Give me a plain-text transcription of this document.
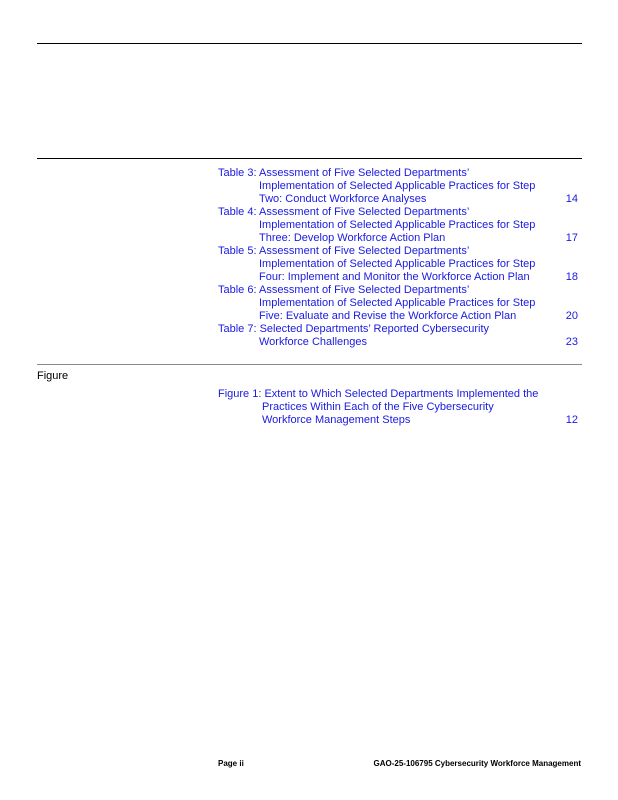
Table 3: Assessment of Five Selected Departments’
Implementation of Selected Applicable Practices for Step
Two: Conduct Workforce Analyses	14
Table 4: Assessment of Five Selected Departments’
Implementation of Selected Applicable Practices for Step
Three: Develop Workforce Action Plan	17
Table 5: Assessment of Five Selected Departments’
Implementation of Selected Applicable Practices for Step
Four: Implement and Monitor the Workforce Action Plan	18
Table 6: Assessment of Five Selected Departments’
Implementation of Selected Applicable Practices for Step
Five: Evaluate and Revise the Workforce Action Plan	20
Table 7: Selected Departments’ Reported Cybersecurity
Workforce Challenges	23
Figure
Figure 1: Extent to Which Selected Departments Implemented the
Practices Within Each of the Five Cybersecurity
Workforce Management Steps	12
Page ii	GAO-25-106795 Cybersecurity Workforce Management
